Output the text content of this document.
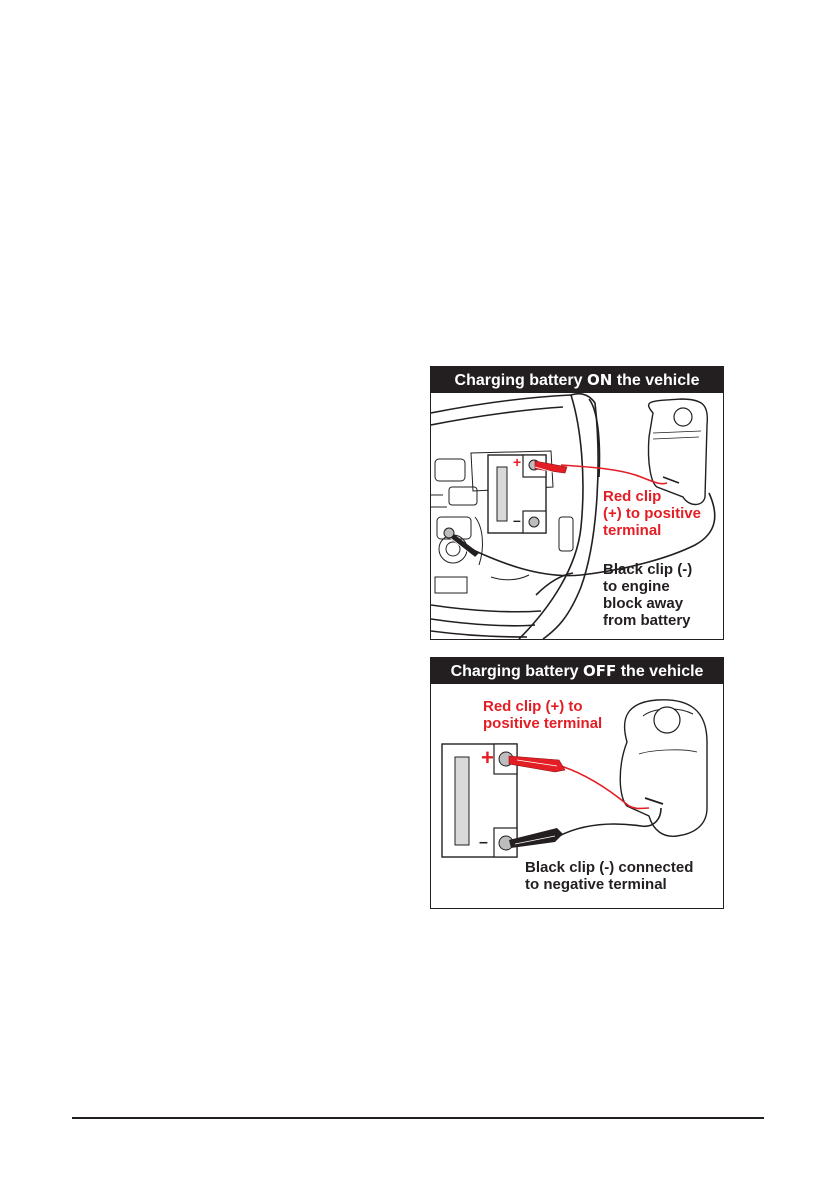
Charging battery ON the vehicle
+
–
Red clip
(+) to positive
terminal
Black clip (-)
to engine
block away
from battery
Charging battery OFF the vehicle
+
–
Red clip (+) to
positive terminal
Black clip (-) connected
to negative terminal
